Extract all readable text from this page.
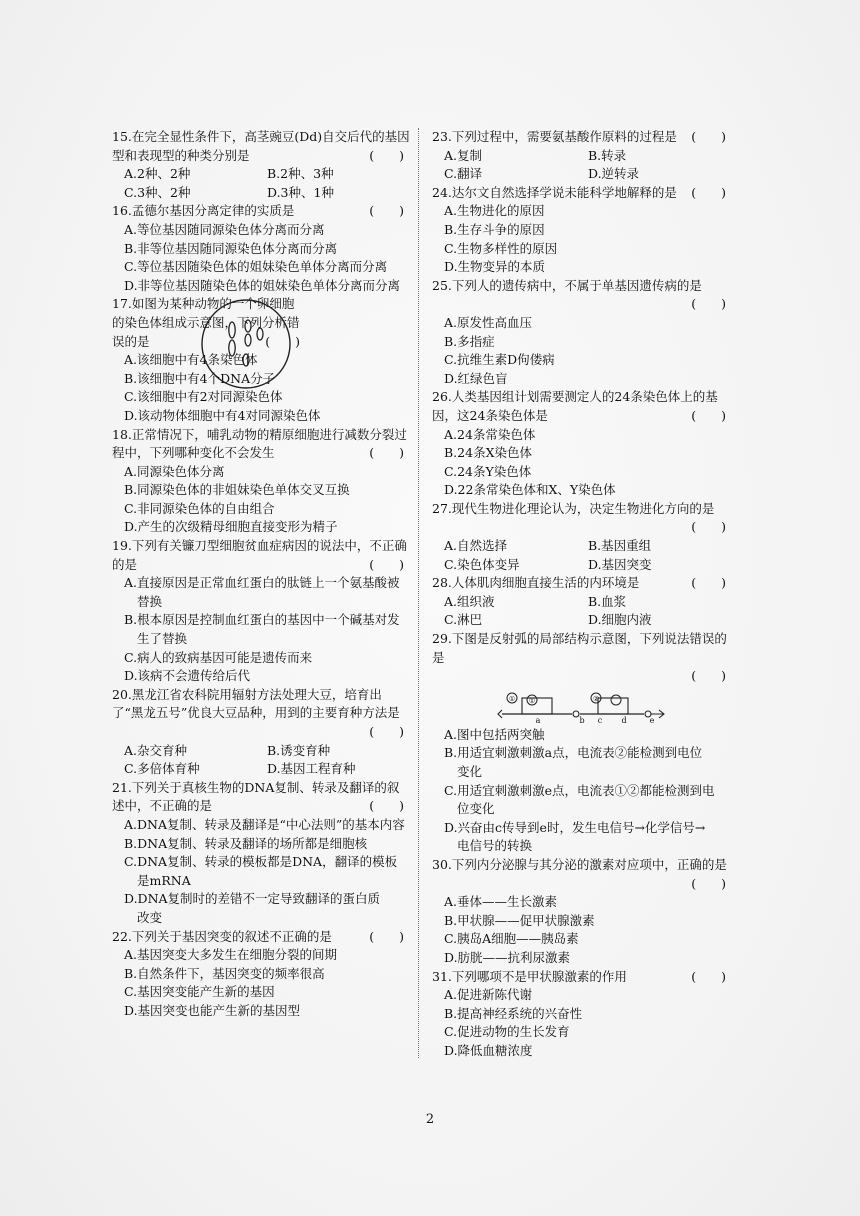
15.在完全显性条件下，高茎豌豆(Dd)自交后代的基因型和表现型的种类分别是	(　　)
A.2种、2种	B.2种、3种
C.3种、2种	D.3种、1种
16.孟德尔基因分离定律的实质是	(　　)
A.等位基因随同源染色体分离而分离
B.非等位基因随同源染色体分离而分离
C.等位基因随染色体的姐妹染色单体分离而分离
D.非等位基因随染色体的姐妹染色单体分离而分离
17.如图为某种动物的一个卵细胞的染色体组成示意图，下列分析错误的是	(　　)
A.该细胞中有4条染色体
B.该细胞中有4个DNA分子
C.该细胞中有2对同源染色体
D.该动物体细胞中有4对同源染色体
18.正常情况下，哺乳动物的精原细胞进行减数分裂过程中，下列哪种变化不会发生	(　　)
A.同源染色体分离
B.同源染色体的非姐妹染色单体交叉互换
C.非同源染色体的自由组合
D.产生的次级精母细胞直接变形为精子
19.下列有关镰刀型细胞贫血症病因的说法中，不正确的是	(　　)
A.直接原因是正常血红蛋白的肽链上一个氨基酸被
替换
B.根本原因是控制血红蛋白的基因中一个碱基对发
生了替换
C.病人的致病基因可能是遗传而来
D.该病不会遗传给后代
20.黑龙江省农科院用辐射方法处理大豆，培育出了“黑龙五号”优良大豆品种，用到的主要育种方法是
(　　)
A.杂交育种	B.诱变育种
C.多倍体育种	D.基因工程育种
21.下列关于真核生物的DNA复制、转录及翻译的叙述中，不正确的是	(　　)
A.DNA复制、转录及翻译是“中心法则”的基本内容
B.DNA复制、转录及翻译的场所都是细胞核
C.DNA复制、转录的模板都是DNA，翻译的模板
是mRNA
D.DNA复制时的差错不一定导致翻译的蛋白质
改变
22.下列关于基因突变的叙述不正确的是	(　　)
A.基因突变大多发生在细胞分裂的间期
B.自然条件下，基因突变的频率很高
C.基因突变能产生新的基因
D.基因突变也能产生新的基因型
23.下列过程中，需要氨基酸作原料的过程是 (　　)
A.复制	B.转录
C.翻译	D.逆转录
24.达尔文自然选择学说未能科学地解释的是 (　　)
A.生物进化的原因
B.生存斗争的原因
C.生物多样性的原因
D.生物变异的本质
25.下列人的遗传病中，不属于单基因遗传病的是
(　　)
A.原发性高血压
B.多指症
C.抗维生素D佝偻病
D.红绿色盲
26.人类基因组计划需要测定人的24条染色体上的基因，这24条染色体是	(　　)
A.24条常染色体
B.24条X染色体
C.24条Y染色体
D.22条常染色体和X、Y染色体
27.现代生物进化理论认为，决定生物进化方向的是
(　　)
A.自然选择	B.基因重组
C.染色体变异	D.基因突变
28.人体肌肉细胞直接生活的内环境是	(　　)
A.组织液	B.血浆
C.淋巴	D.细胞内液
29.下图是反射弧的局部结构示意图，下列说法错误的是
(　　)
① ①
a	b
②
c d	e
A.图中包括两突触
B.用适宜刺激刺激a点，电流表②能检测到电位
变化
C.用适宜刺激刺激e点，电流表①②都能检测到电
位变化
D.兴奋由c传导到e时，发生电信号→化学信号→
电信号的转换
30.下列内分泌腺与其分泌的激素对应项中，正确的是
(　　)
A.垂体——生长激素
B.甲状腺——促甲状腺激素
C.胰岛A细胞——胰岛素
D.肪胱——抗利尿激素
31.下列哪项不是甲状腺激素的作用	(　　)
A.促进新陈代谢
B.提高神经系统的兴奋性
C.促进动物的生长发育
D.降低血糖浓度
2
